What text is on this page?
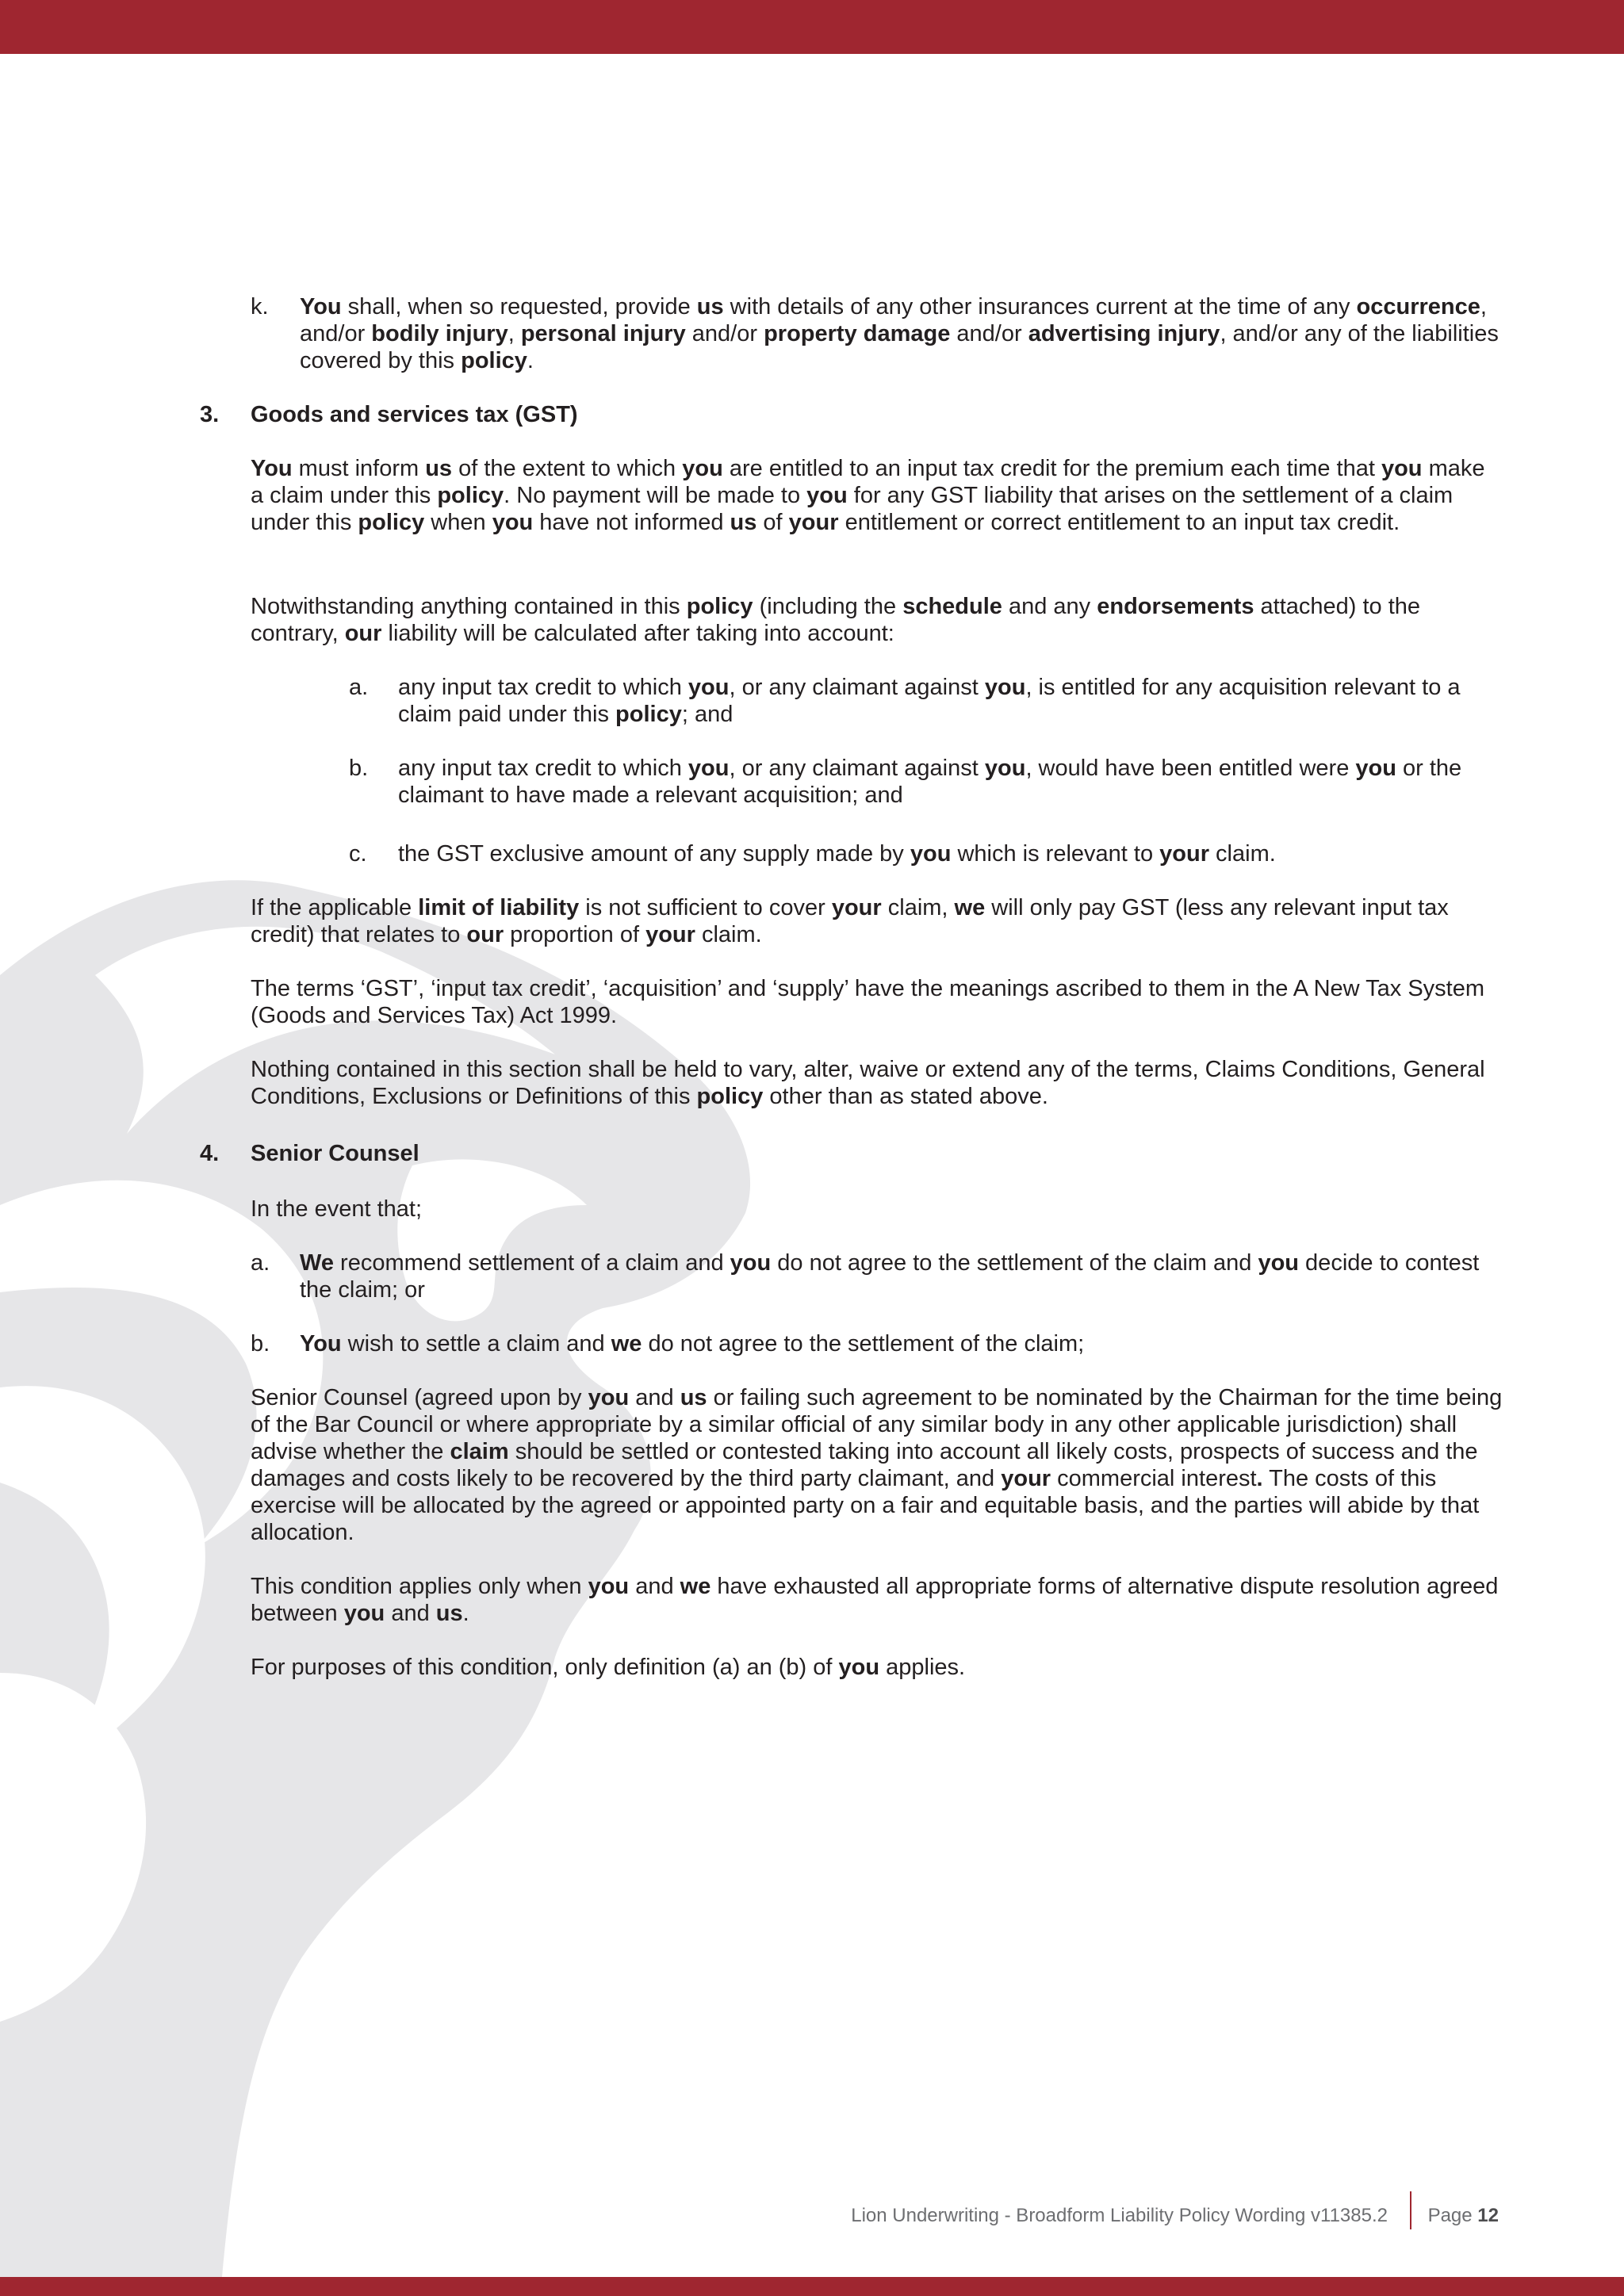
k. You shall, when so requested, provide us with details of any other insurances current at the time of any occurrence, and/or bodily injury, personal injury and/or property damage and/or advertising injury, and/or any of the liabilities covered by this policy.

3. Goods and services tax (GST)

You must inform us of the extent to which you are entitled to an input tax credit for the premium each time that you make a claim under this policy. No payment will be made to you for any GST liability that arises on the settlement of a claim under this policy when you have not informed us of your entitlement or correct entitlement to an input tax credit.

Notwithstanding anything contained in this policy (including the schedule and any endorsements attached) to the contrary, our liability will be calculated after taking into account:

a. any input tax credit to which you, or any claimant against you, is entitled for any acquisition relevant to a claim paid under this policy; and

b. any input tax credit to which you, or any claimant against you, would have been entitled were you or the claimant to have made a relevant acquisition; and

c. the GST exclusive amount of any supply made by you which is relevant to your claim.

If the applicable limit of liability is not sufficient to cover your claim, we will only pay GST (less any relevant input tax credit) that relates to our proportion of your claim.

The terms ‘GST’, ‘input tax credit’, ‘acquisition’ and ‘supply’ have the meanings ascribed to them in the A New Tax System (Goods and Services Tax) Act 1999.

Nothing contained in this section shall be held to vary, alter, waive or extend any of the terms, Claims Conditions, General Conditions, Exclusions or Definitions of this policy other than as stated above.

4. Senior Counsel

In the event that;

a. We recommend settlement of a claim and you do not agree to the settlement of the claim and you decide to contest the claim; or

b. You wish to settle a claim and we do not agree to the settlement of the claim;

Senior Counsel (agreed upon by you and us or failing such agreement to be nominated by the Chairman for the time being of the Bar Council or where appropriate by a similar official of any similar body in any other applicable jurisdiction) shall advise whether the claim should be settled or contested taking into account all likely costs, prospects of success and the damages and costs likely to be recovered by the third party claimant, and your commercial interest. The costs of this exercise will be allocated by the agreed or appointed party on a fair and equitable basis, and the parties will abide by that allocation.

This condition applies only when you and we have exhausted all appropriate forms of alternative dispute resolution agreed between you and us.

For purposes of this condition, only definition (a) an (b) of you applies.

Lion Underwriting - Broadform Liability Policy Wording v11385.2 Page 12
